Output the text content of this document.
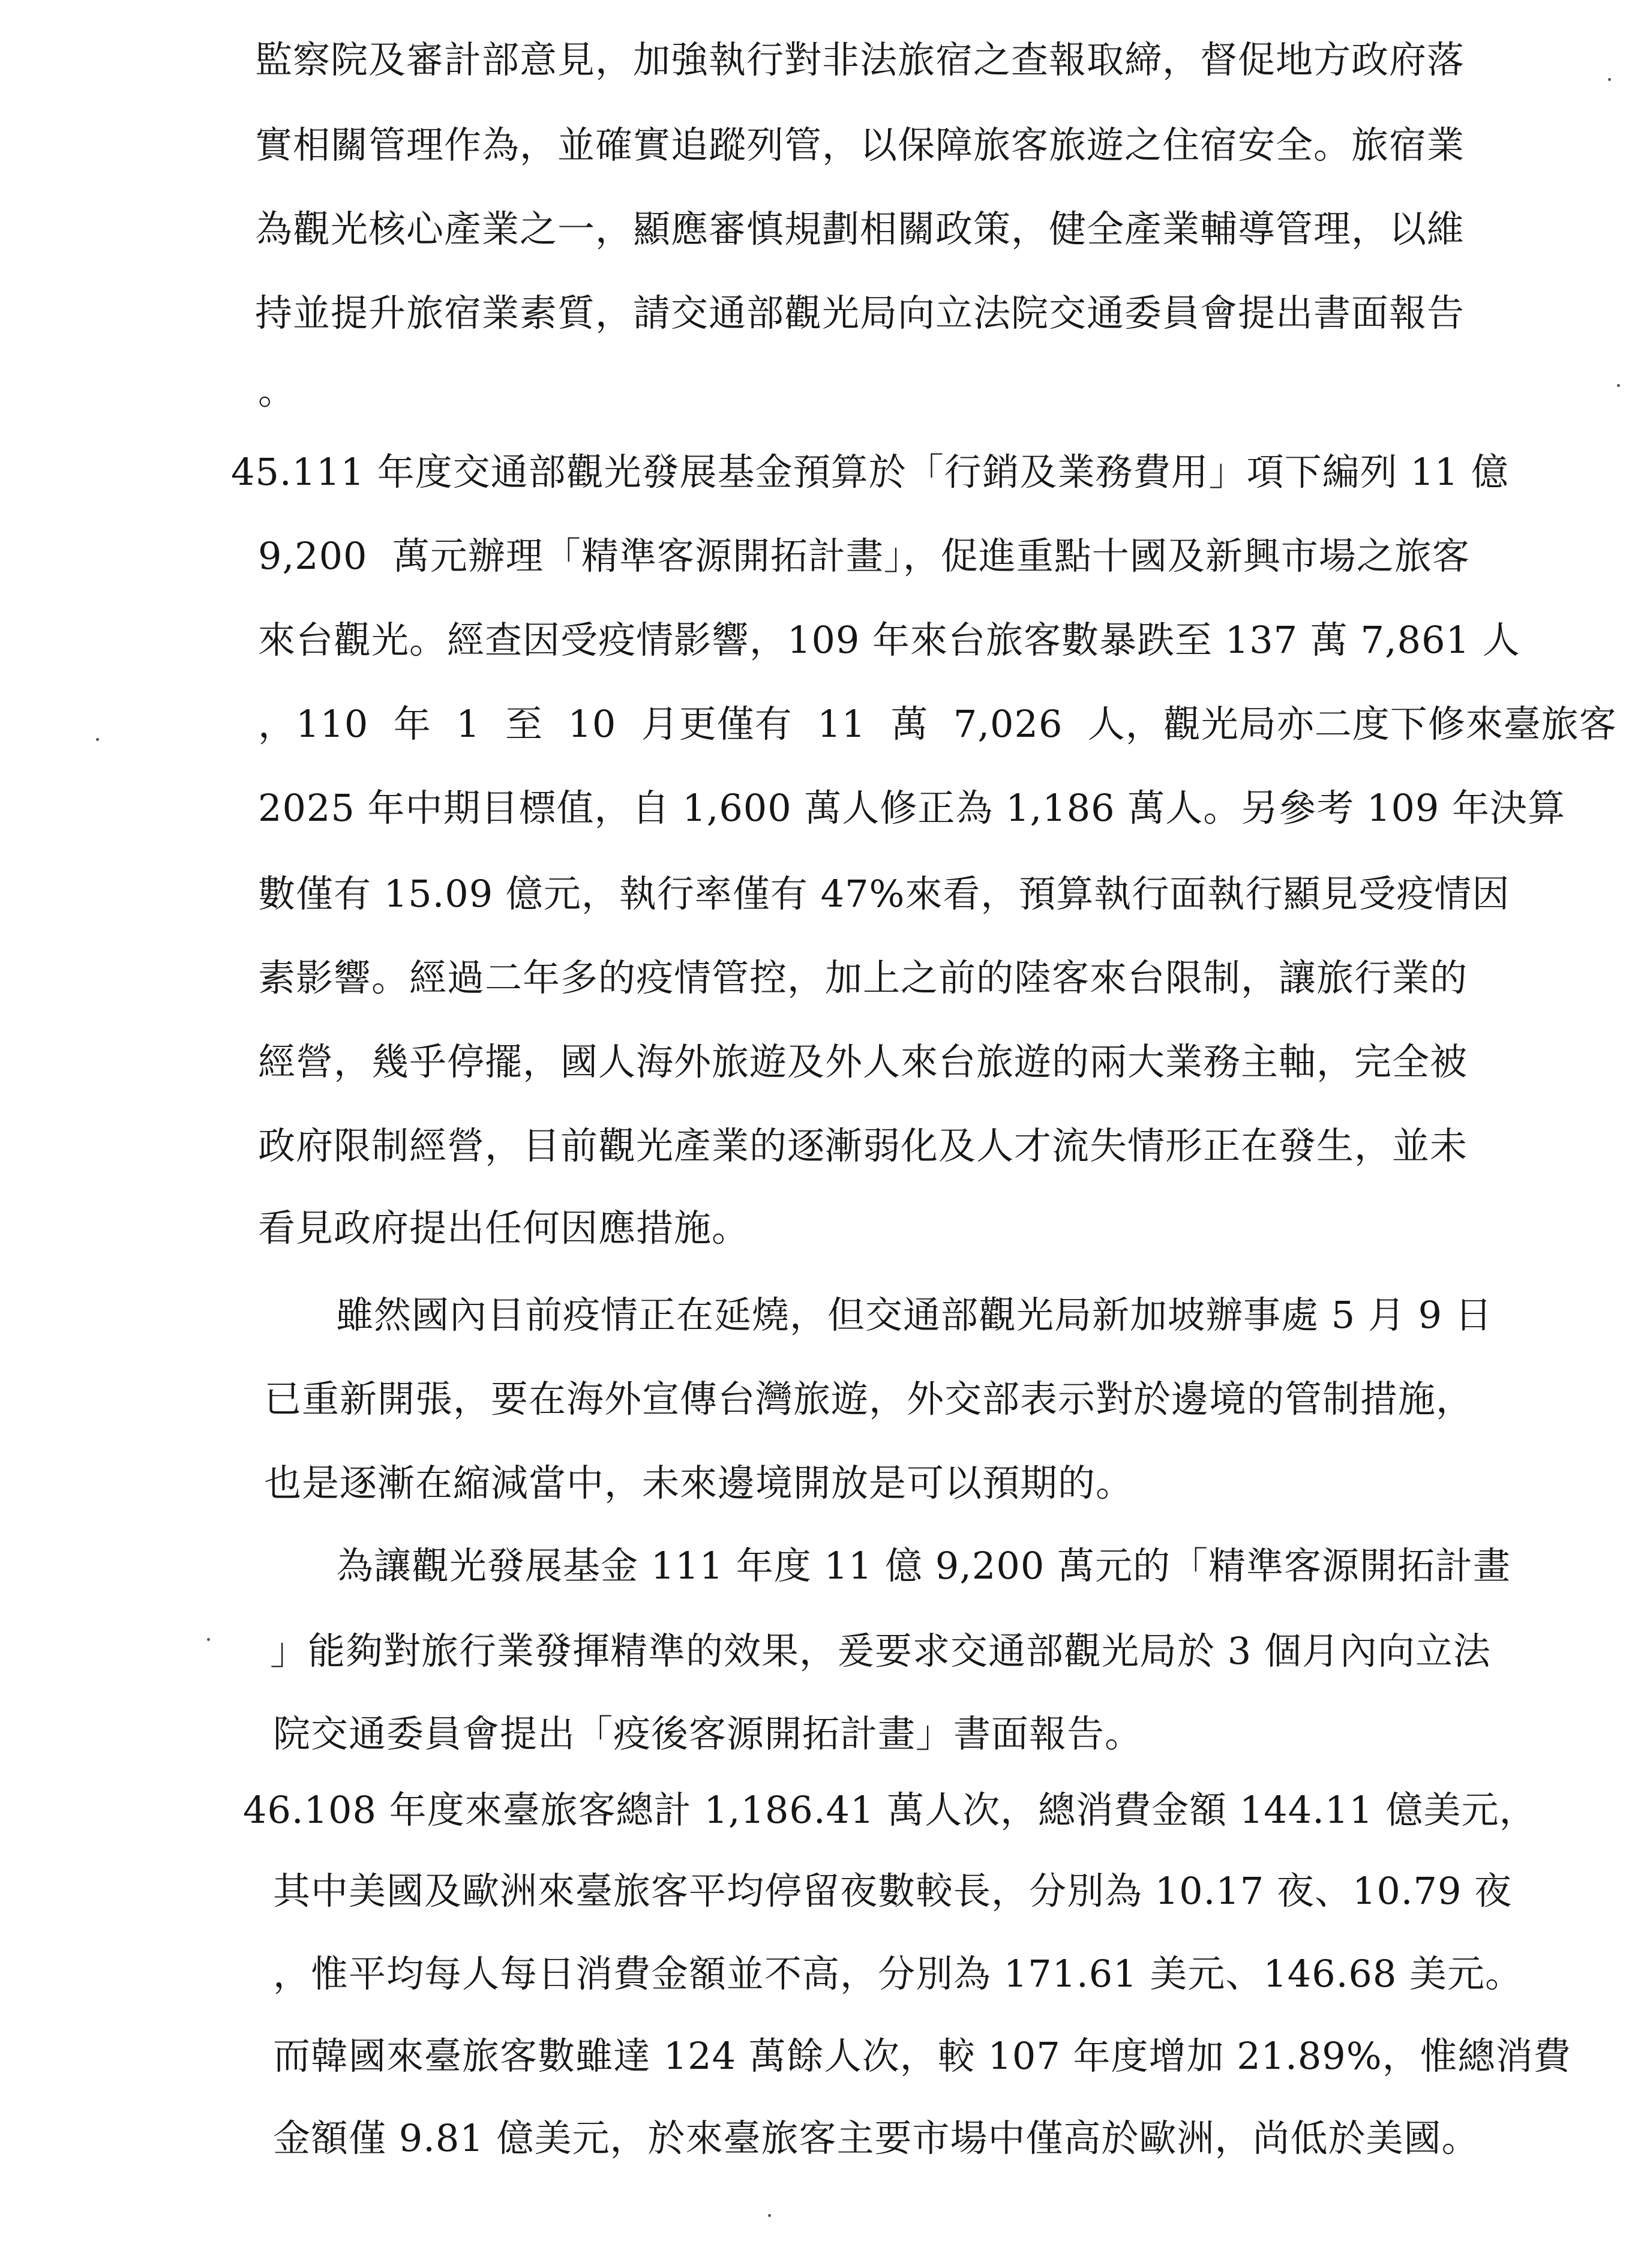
監察院及審計部意見，加強執行對非法旅宿之查報取締，督促地方政府落
實相關管理作為，並確實追蹤列管，以保障旅客旅遊之住宿安全。旅宿業
為觀光核心產業之一，顯應審慎規劃相關政策，健全產業輔導管理，以維
持並提升旅宿業素質，請交通部觀光局向立法院交通委員會提出書面報告
。
45.111 年度交通部觀光發展基金預算於「行銷及業務費用」項下編列 11 億
9,200  萬元辦理「精準客源開拓計畫」，促進重點十國及新興市場之旅客
來台觀光。經查因受疫情影響，109 年來台旅客數暴跌至 137 萬 7,861 人
，110  年  1  至  10  月更僅有  11  萬  7,026  人，觀光局亦二度下修來臺旅客
2025 年中期目標值，自 1,600 萬人修正為 1,186 萬人。另參考 109 年決算
數僅有 15.09 億元，執行率僅有 47%來看，預算執行面執行顯見受疫情因
素影響。經過二年多的疫情管控，加上之前的陸客來台限制，讓旅行業的
經營，幾乎停擺，國人海外旅遊及外人來台旅遊的兩大業務主軸，完全被
政府限制經營，目前觀光產業的逐漸弱化及人才流失情形正在發生，並未
看見政府提出任何因應措施。
雖然國內目前疫情正在延燒，但交通部觀光局新加坡辦事處 5 月 9 日
已重新開張，要在海外宣傳台灣旅遊，外交部表示對於邊境的管制措施，
也是逐漸在縮減當中，未來邊境開放是可以預期的。
為讓觀光發展基金 111 年度 11 億 9,200 萬元的「精準客源開拓計畫
」能夠對旅行業發揮精準的效果，爰要求交通部觀光局於 3 個月內向立法
院交通委員會提出「疫後客源開拓計畫」書面報告。
46.108 年度來臺旅客總計 1,186.41 萬人次，總消費金額 144.11 億美元，
其中美國及歐洲來臺旅客平均停留夜數較長，分別為 10.17 夜、10.79 夜
，惟平均每人每日消費金額並不高，分別為 171.61 美元、146.68 美元。
而韓國來臺旅客數雖達 124 萬餘人次，較 107 年度增加 21.89%，惟總消費
金額僅 9.81 億美元，於來臺旅客主要市場中僅高於歐洲，尚低於美國。
